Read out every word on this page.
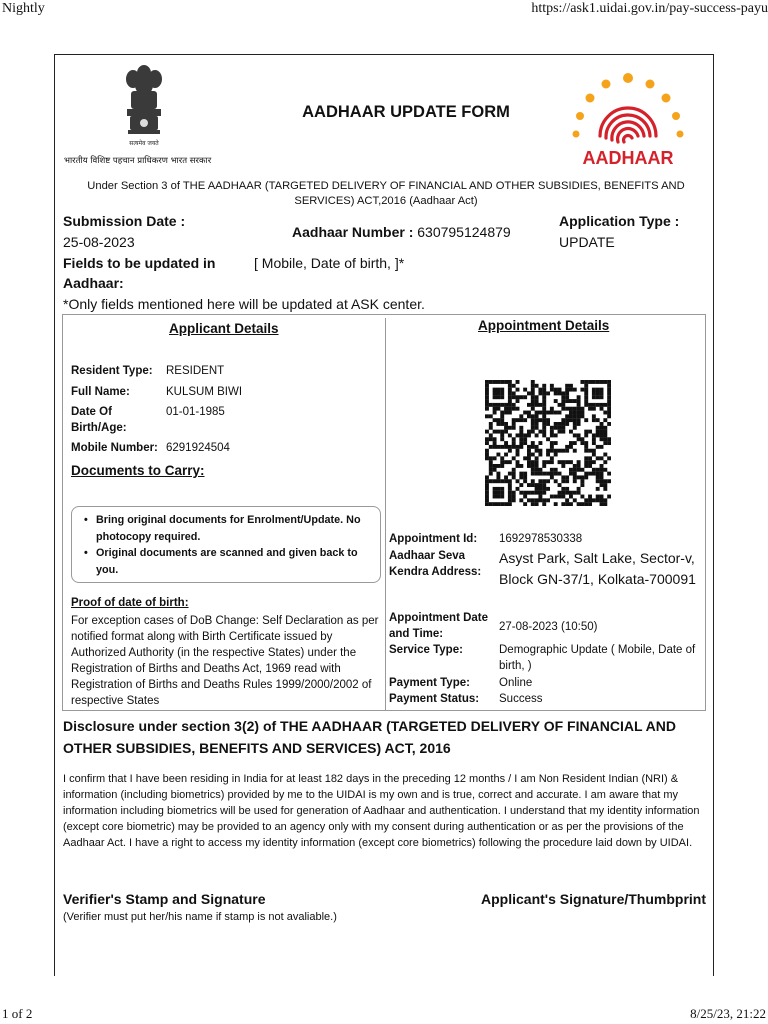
Nightly	https://ask1.uidai.gov.in/pay-success-payu
सत्यमेव जयते
भारतीय विशिष्ट पहचान प्राधिकरण भारत सरकार
AADHAAR UPDATE FORM
AADHAAR
Under Section 3 of THE AADHAAR (TARGETED DELIVERY OF FINANCIAL AND OTHER SUBSIDIES, BENEFITS AND SERVICES) ACT,2016 (Aadhaar Act)
Submission Date :
25-08-2023
Aadhaar Number : 630795124879
Application Type :
UPDATE
Fields to be updated in
Aadhaar:
[ Mobile, Date of birth, ]*
*Only fields mentioned here will be updated at ASK center.
Applicant Details
Resident Type: RESIDENT
Full Name:	KULSUM BIWI
Date Of
Birth/Age:
01-01-1985
Mobile Number: 6291924504
Documents to Carry:
• Bring original documents for Enrolment/Update. No photocopy required.
• Original documents are scanned and given back to you.
Proof of date of birth:
For exception cases of DoB Change: Self Declaration as per notified format along with Birth Certificate issued by Authorized Authority (in the respective States) under the Registration of Births and Deaths Act, 1969 read with Registration of Births and Deaths Rules 1999/2000/2002 of respective States
Appointment Details
Appointment Id: 1692978530338
Aadhaar Seva
Kendra Address:
Asyst Park, Salt Lake, Sector-v, Block GN-37/1, Kolkata-700091
Appointment Date
and Time:
27-08-2023 (10:50)
Service Type:	Demographic Update ( Mobile, Date of birth, )
Payment Type:	Online
Payment Status: Success
Disclosure under section 3(2) of THE AADHAAR (TARGETED DELIVERY OF FINANCIAL AND OTHER SUBSIDIES, BENEFITS AND SERVICES) ACT, 2016
I confirm that I have been residing in India for at least 182 days in the preceding 12 months / I am Non Resident Indian (NRI) & information (including biometrics) provided by me to the UIDAI is my own and is true, correct and accurate. I am aware that my information including biometrics will be used for generation of Aadhaar and authentication. I understand that my identity information (except core biometric) may be provided to an agency only with my consent during authentication or as per the provisions of the Aadhaar Act. I have a right to access my identity information (except core biometrics) following the procedure laid down by UIDAI.
Verifier's Stamp and Signature
(Verifier must put her/his name if stamp is not avaliable.)
Applicant's Signature/Thumbprint
1 of 2	8/25/23, 21:22
